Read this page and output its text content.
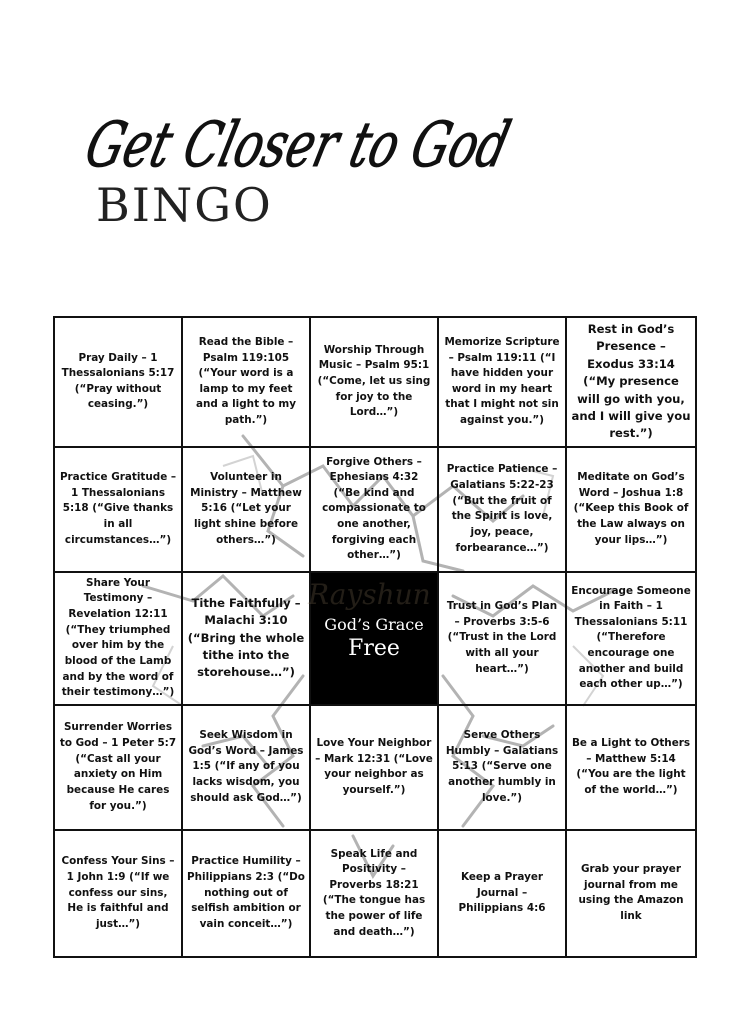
Get Closer to God
BINGO
Pray Daily – 1 Thessalonians 5:17 (“Pray without ceasing.”)
Read the Bible – Psalm 119:105 (“Your word is a lamp to my feet and a light to my path.”)
Worship Through Music – Psalm 95:1 (“Come, let us sing for joy to the Lord…”)
Memorize Scripture – Psalm 119:11 (“I have hidden your word in my heart that I might not sin against you.”)
Rest in God’s Presence – Exodus 33:14 (“My presence will go with you, and I will give you rest.”)
Practice Gratitude – 1 Thessalonians 5:18 (“Give thanks in all circumstances…”)
Volunteer in Ministry – Matthew 5:16 (“Let your light shine before others…”)
Forgive Others – Ephesians 4:32 (“Be kind and compassionate to one another, forgiving each other…”)
Practice Patience – Galatians 5:22-23 (“But the fruit of the Spirit is love, joy, peace, forbearance…”)
Meditate on God’s Word – Joshua 1:8 (“Keep this Book of the Law always on your lips…”)
Share Your Testimony – Revelation 12:11 (“They triumphed over him by the blood of the Lamb and by the word of their testimony…”)
Tithe Faithfully – Malachi 3:10 (“Bring the whole tithe into the storehouse…”)
God’s Grace
Free
Trust in God’s Plan – Proverbs 3:5-6 (“Trust in the Lord with all your heart…”)
Encourage Someone in Faith – 1 Thessalonians 5:11 (“Therefore encourage one another and build each other up…”)
Surrender Worries to God – 1 Peter 5:7 (“Cast all your anxiety on Him because He cares for you.”)
Seek Wisdom in God’s Word – James 1:5 (“If any of you lacks wisdom, you should ask God…”)
Love Your Neighbor – Mark 12:31 (“Love your neighbor as yourself.”)
Serve Others Humbly – Galatians 5:13 (“Serve one another humbly in love.”)
Be a Light to Others – Matthew 5:14 (“You are the light of the world…”)
Confess Your Sins – 1 John 1:9 (“If we confess our sins, He is faithful and just…”)
Practice Humility – Philippians 2:3 (“Do nothing out of selfish ambition or vain conceit…”)
Speak Life and Positivity – Proverbs 18:21 (“The tongue has the power of life and death…”)
Keep a Prayer Journal – Philippians 4:6
Grab your prayer journal from me using the Amazon link
Rayshun
